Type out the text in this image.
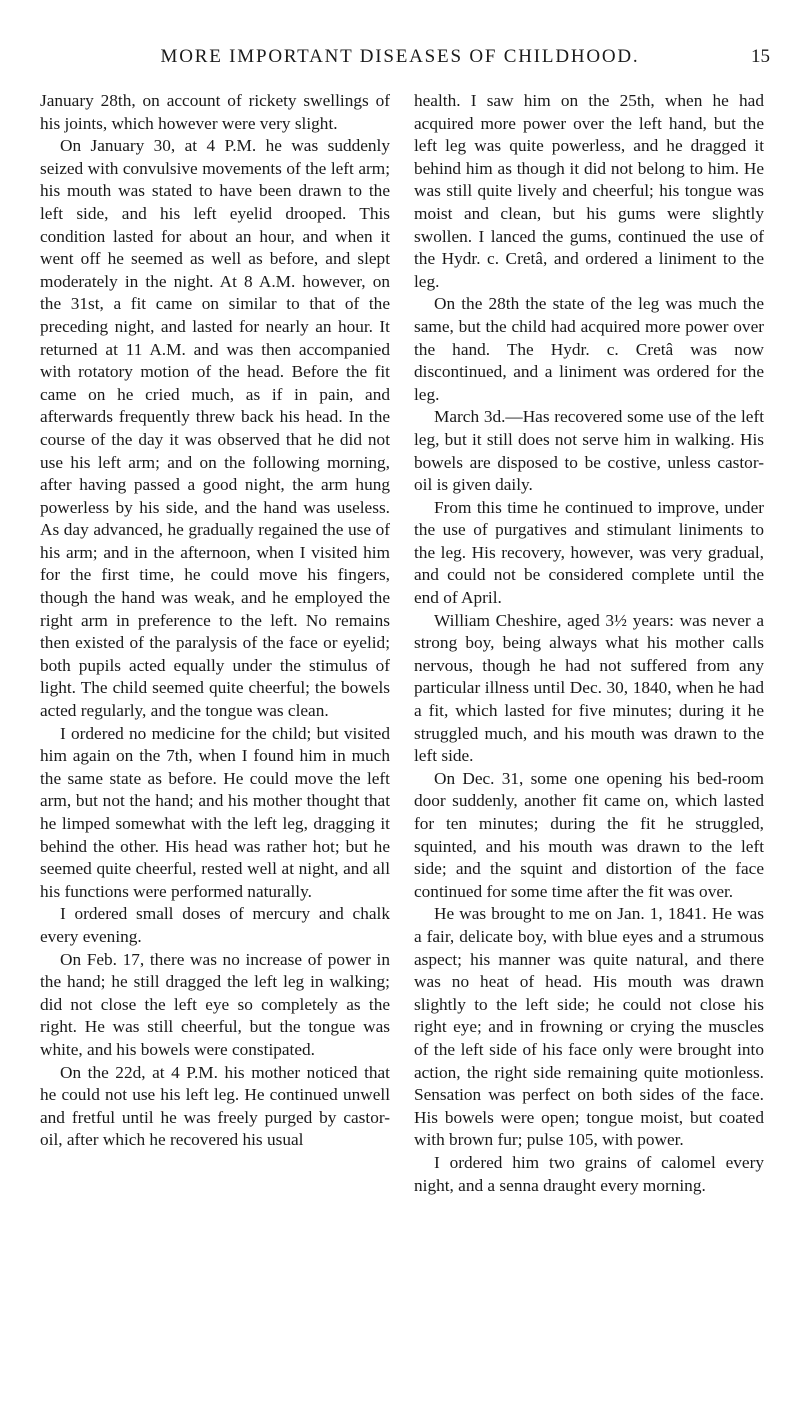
MORE IMPORTANT DISEASES OF CHILDHOOD.	15

January 28th, on account of rickety swellings of his joints, which however were very slight.

On January 30, at 4 P.M. he was suddenly seized with convulsive movements of the left arm; his mouth was stated to have been drawn to the left side, and his left eyelid drooped. This condition lasted for about an hour, and when it went off he seemed as well as before, and slept moderately in the night. At 8 A.M. however, on the 31st, a fit came on similar to that of the preceding night, and lasted for nearly an hour. It returned at 11 A.M. and was then accompanied with rotatory motion of the head. Before the fit came on he cried much, as if in pain, and afterwards frequently threw back his head. In the course of the day it was observed that he did not use his left arm; and on the following morning, after having passed a good night, the arm hung powerless by his side, and the hand was useless. As day advanced, he gradually regained the use of his arm; and in the afternoon, when I visited him for the first time, he could move his fingers, though the hand was weak, and he employed the right arm in preference to the left. No remains then existed of the paralysis of the face or eyelid; both pupils acted equally under the stimulus of light. The child seemed quite cheerful; the bowels acted regularly, and the tongue was clean.

I ordered no medicine for the child; but visited him again on the 7th, when I found him in much the same state as before. He could move the left arm, but not the hand; and his mother thought that he limped somewhat with the left leg, dragging it behind the other. His head was rather hot; but he seemed quite cheerful, rested well at night, and all his functions were performed naturally.

I ordered small doses of mercury and chalk every evening.

On Feb. 17, there was no increase of power in the hand; he still dragged the left leg in walking; did not close the left eye so completely as the right. He was still cheerful, but the tongue was white, and his bowels were constipated.

On the 22d, at 4 P.M. his mother noticed that he could not use his left leg. He continued unwell and fretful until he was freely purged by castor-oil, after which he recovered his usual

health. I saw him on the 25th, when he had acquired more power over the left hand, but the left leg was quite powerless, and he dragged it behind him as though it did not belong to him. He was still quite lively and cheerful; his tongue was moist and clean, but his gums were slightly swollen. I lanced the gums, continued the use of the Hydr. c. Cretâ, and ordered a liniment to the leg.

On the 28th the state of the leg was much the same, but the child had acquired more power over the hand. The Hydr. c. Cretâ was now discontinued, and a liniment was ordered for the leg.

March 3d.—Has recovered some use of the left leg, but it still does not serve him in walking. His bowels are disposed to be costive, unless castor-oil is given daily.

From this time he continued to improve, under the use of purgatives and stimulant liniments to the leg. His recovery, however, was very gradual, and could not be considered complete until the end of April.

William Cheshire, aged 3½ years: was never a strong boy, being always what his mother calls nervous, though he had not suffered from any particular illness until Dec. 30, 1840, when he had a fit, which lasted for five minutes; during it he struggled much, and his mouth was drawn to the left side.

On Dec. 31, some one opening his bed-room door suddenly, another fit came on, which lasted for ten minutes; during the fit he struggled, squinted, and his mouth was drawn to the left side; and the squint and distortion of the face continued for some time after the fit was over.

He was brought to me on Jan. 1, 1841. He was a fair, delicate boy, with blue eyes and a strumous aspect; his manner was quite natural, and there was no heat of head. His mouth was drawn slightly to the left side; he could not close his right eye; and in frowning or crying the muscles of the left side of his face only were brought into action, the right side remaining quite motionless. Sensation was perfect on both sides of the face. His bowels were open; tongue moist, but coated with brown fur; pulse 105, with power.

I ordered him two grains of calomel every night, and a senna draught every morning.
